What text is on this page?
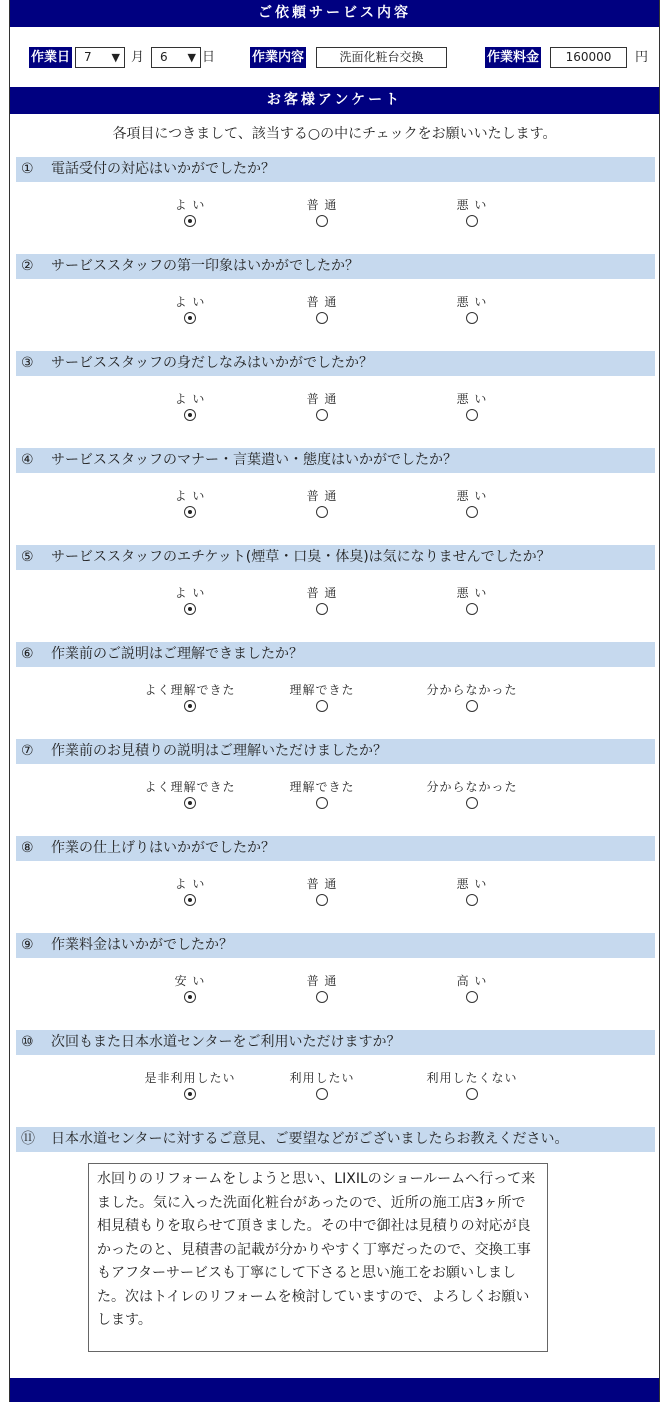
ご依頼サービス内容
作業日	7 ▼ 月	6 ▼ 日	作業内容	洗面化粧台交換	作業料金	160000	円
お客様アンケート
各項目につきまして、該当する○の中にチェックをお願いいたします。
① 電話受付の対応はいかがでしたか？
よ い	普 通	悪 い
② サービススタッフの第一印象はいかがでしたか？
よ い	普 通	悪 い
③ サービススタッフの身だしなみはいかがでしたか？
よ い	普 通	悪 い
④ サービススタッフのマナー・言葉遣い・態度はいかがでしたか？
よ い	普 通	悪 い
⑤ サービススタッフのエチケット(煙草・口臭・体臭)は気になりませんでしたか？
よ い	普 通	悪 い
⑥ 作業前のご説明はご理解できましたか？
よく理解できた	理解できた	分からなかった
⑦ 作業前のお見積りの説明はご理解いただけましたか？
よく理解できた	理解できた	分からなかった
⑧ 作業の仕上げりはいかがでしたか？
よ い	普 通	悪 い
⑨ 作業料金はいかがでしたか？
安 い	普 通	高 い
⑩ 次回もまた日本水道センターをご利用いただけますか？
是非利用したい	利用したい	利用したくない
⑪ 日本水道センターに対するご意見、ご要望などがございましたらお教えください。
水回りのリフォームをしようと思い、LIXILのショールームへ行って来ました。気に入った洗面化粧台があったので、近所の施工店3ヶ所で相見積もりを取らせて頂きました。その中で御社は見積りの対応が良かったのと、見積書の記載が分かりやすく丁寧だったので、交換工事もアフターサービスも丁寧にして下さると思い施工をお願いしました。次はトイレのリフォームを検討していますので、よろしくお願いします。
